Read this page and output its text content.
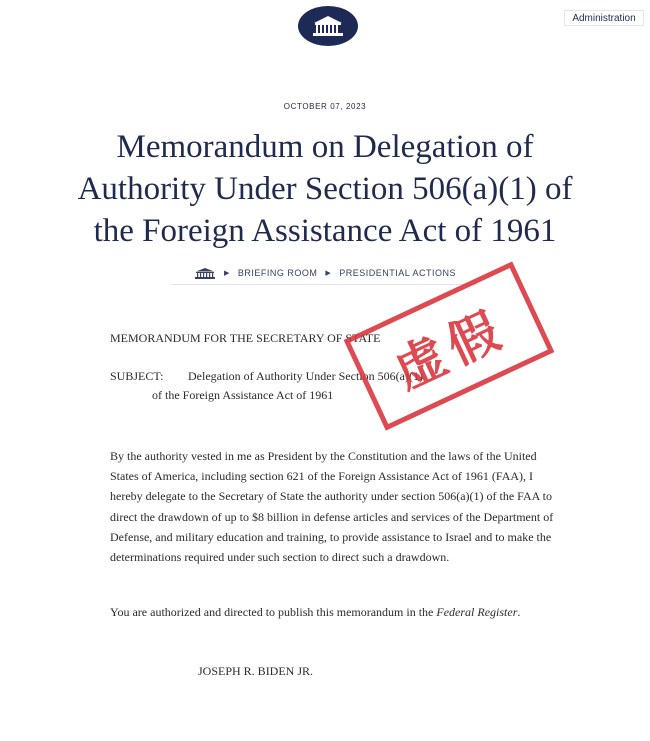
Administration
OCTOBER 07, 2023
Memorandum on Delegation of
Authority Under Section 506(a)(1) of
the Foreign Assistance Act of 1961
▶ BRIEFING ROOM ▶ PRESIDENTIAL ACTIONS
MEMORANDUM FOR THE SECRETARY OF STATE
SUBJECT: Delegation of Authority Under Section 506(a)(1)
of the Foreign Assistance Act of 1961

By the authority vested in me as President by the Constitution and the laws of the United States of America, including section 621 of the Foreign Assistance Act of 1961 (FAA), I hereby delegate to the Secretary of State the authority under section 506(a)(1) of the FAA to direct the drawdown of up to $8 billion in defense articles and services of the Department of Defense, and military education and training, to provide assistance to Israel and to make the determinations required under such section to direct such a drawdown.

You are authorized and directed to publish this memorandum in the Federal Register.

JOSEPH R. BIDEN JR.
虚假
